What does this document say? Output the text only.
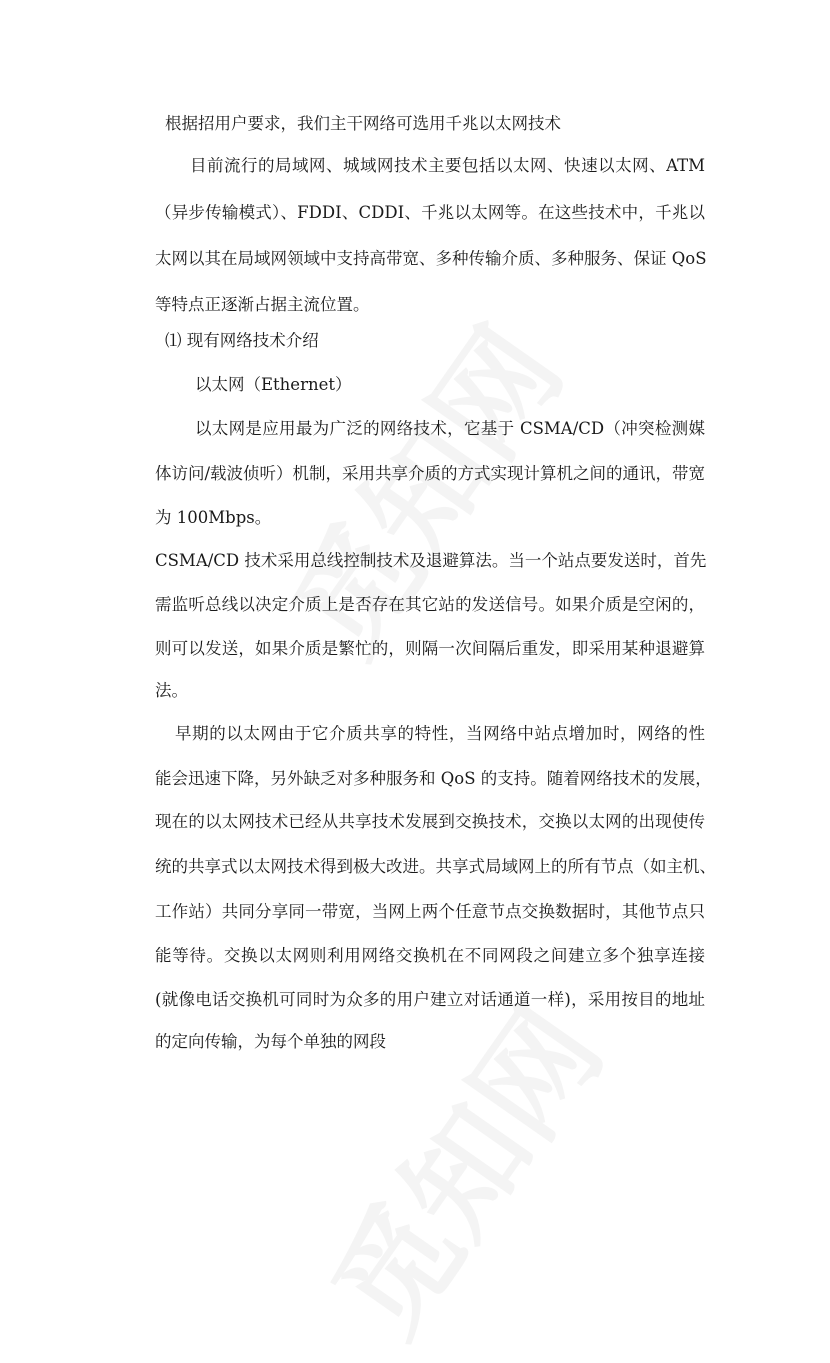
根据招用户要求，我们主干网络可选用千兆以太网技术
目前流行的局域网、城域网技术主要包括以太网、快速以太网、ATM
（异步传输模式）、FDDI、CDDI、千兆以太网等。在这些技术中，千兆以
太网以其在局域网领域中支持高带宽、多种传输介质、多种服务、保证 QoS
等特点正逐渐占据主流位置。
⑴ 现有网络技术介绍
以太网（Ethernet）
以太网是应用最为广泛的网络技术，它基于 CSMA/CD（冲突检测媒
体访问/载波侦听）机制，采用共享介质的方式实现计算机之间的通讯，带宽
为 100Mbps。
CSMA/CD 技术采用总线控制技术及退避算法。当一个站点要发送时，首先
需监听总线以决定介质上是否存在其它站的发送信号。如果介质是空闲的，
则可以发送，如果介质是繁忙的，则隔一次间隔后重发，即采用某种退避算
法。
早期的以太网由于它介质共享的特性，当网络中站点增加时，网络的性
能会迅速下降，另外缺乏对多种服务和 QoS 的支持。随着网络技术的发展，
现在的以太网技术已经从共享技术发展到交换技术，交换以太网的出现使传
统的共享式以太网技术得到极大改进。共享式局域网上的所有节点（如主机、
工作站）共同分享同一带宽，当网上两个任意节点交换数据时，其他节点只
能等待。交换以太网则利用网络交换机在不同网段之间建立多个独享连接
(就像电话交换机可同时为众多的用户建立对话通道一样)，采用按目的地址
的定向传输，为每个单独的网段
